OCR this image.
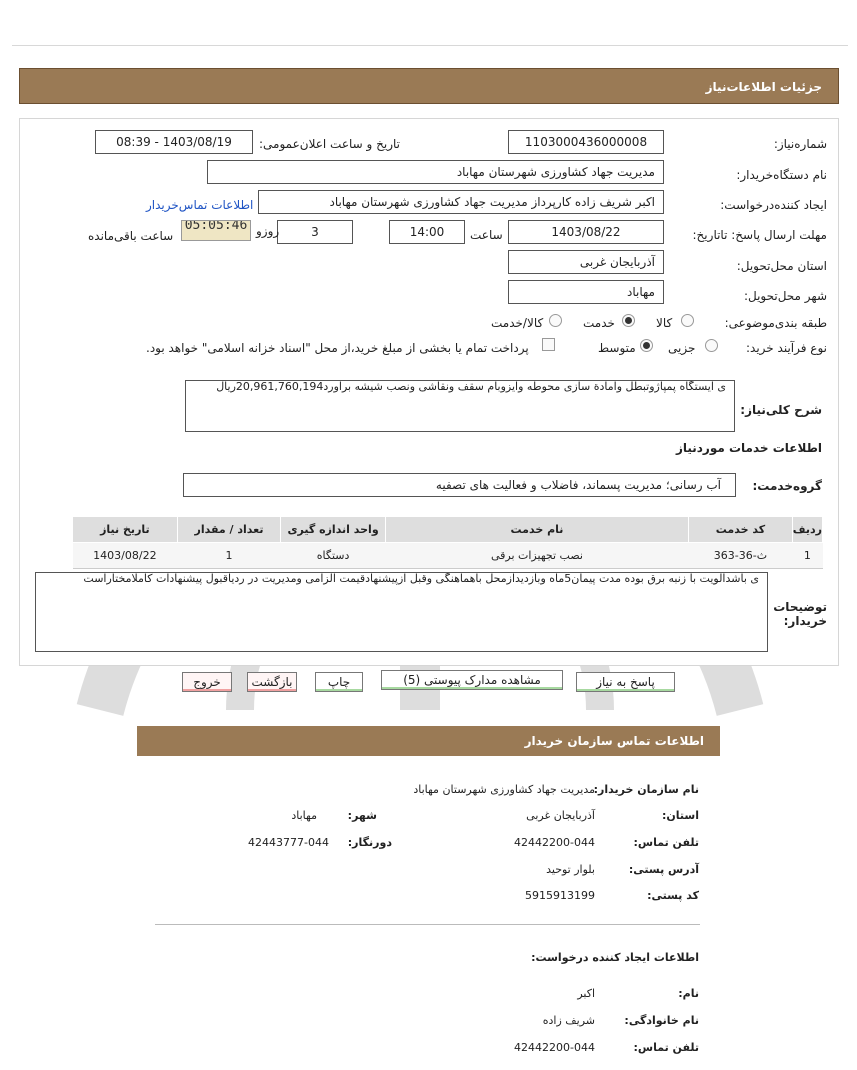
جزئیات اطلاعات‌نیاز
شماره‌نیاز:
1103000436000008
تاریخ و ساعت اعلان‌عمومی:
1403/08/19 - 08:39
نام دستگاه‌خریدار:
مدیریت جهاد کشاورزی شهرستان مهاباد
ایجاد کننده‌درخواست:
اکبر شریف زاده کارپرداز مدیریت جهاد کشاورزی شهرستان مهاباد
اطلاعات تماس‌خریدار
مهلت ارسال پاسخ: تاتاریخ:
1403/08/22
ساعت
14:00
3
روزو
05:05:46
ساعت باقی‌مانده
استان محل‌تحویل:
آذربایجان غربی
شهر محل‌تحویل:
مهاباد
طبقه بندی‌موضوعی:
کالا
خدمت
کالا/خدمت
نوع فرآیند خرید:
جزیی
متوسط
پرداخت تمام یا بخشی از مبلغ خرید،از محل "اسناد خزانه اسلامی" خواهد بود.
ی ایستگاه پمپاژوتبطل وامادة سازی محوطه وایزوبام سقف ونقاشی ونصب شیشه براورد20,961,760,194ریال
شرح کلی‌نیاز:
اطلاعات خدمات موردنیاز
آب رسانی؛ مدیریت پسماند، فاضلاب و فعالیت های تصفیه	گروه‌خدمت:
ردیف	کد خدمت	نام خدمت	واحد اندازه گیری	تعداد / مقدار	تاریخ نیاز
1	ث-36-363	نصب تجهیزات برقی	دستگاه	1	1403/08/22
ی باشدالویت با زنبه برق بوده مدت پیمان5ماه وبازدیدازمحل باهماهنگی وقبل ازپیشنهادقیمت الزامی ومدیریت در ردیاقبول پیشنهادات کاملامختاراست
توضیحات خریدار:
پاسخ به نیاز
مشاهده مدارک پیوستی (5)
چاپ
بازگشت
خروج
اطلاعات تماس سازمان خریدار
نام سازمان خریدار:
مدیریت جهاد کشاورزی شهرستان مهاباد
استان:
آذربایجان غربی
شهر:
مهاباد
تلفن تماس:
42442200-044
دورنگار:
42443777-044
آدرس پستی:
بلوار توحید
کد پستی:
5915913199
اطلاعات ایجاد کننده درخواست:
نام:
اکبر
نام خانوادگی:
شریف زاده
تلفن تماس:
42442200-044
